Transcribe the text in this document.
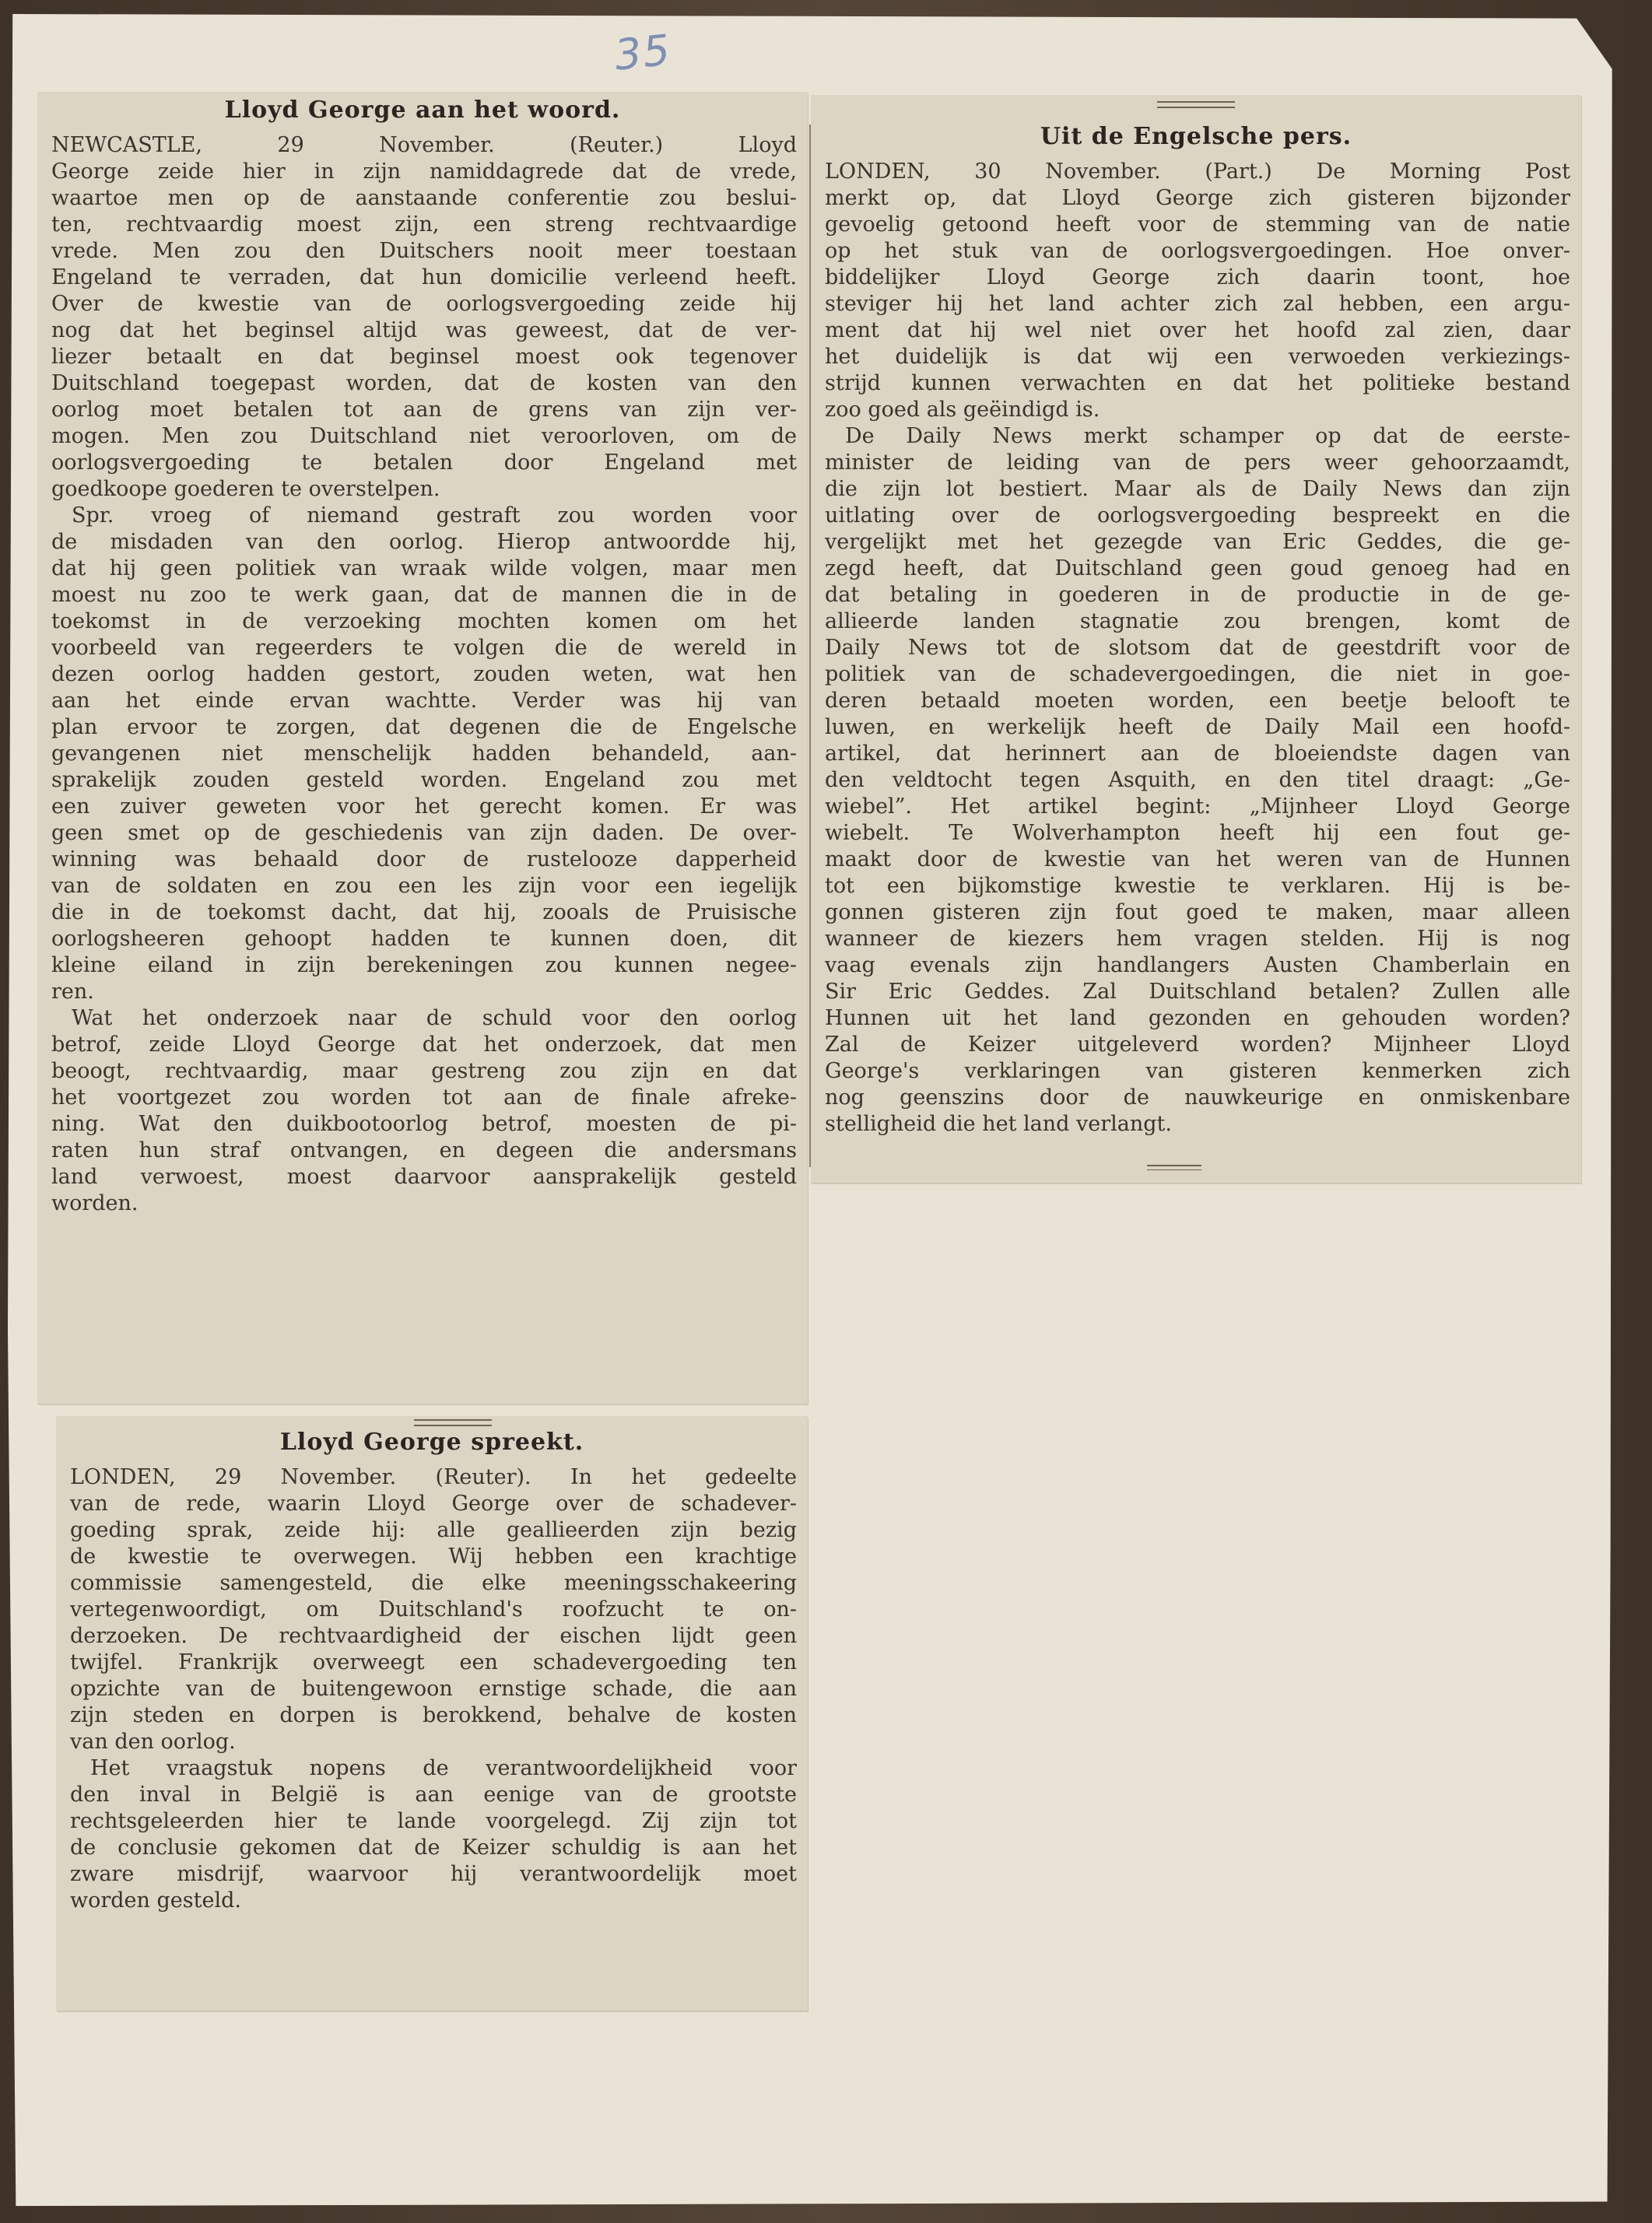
35
Lloyd George aan het woord.
NEWCASTLE, 29 November. (Reuter.) Lloyd
George zeide hier in zijn namiddagrede dat de vrede,
waartoe men op de aanstaande conferentie zou beslui-
ten, rechtvaardig moest zijn, een streng rechtvaardige
vrede. Men zou den Duitschers nooit meer toestaan
Engeland te verraden, dat hun domicilie verleend heeft.
Over de kwestie van de oorlogsvergoeding zeide hij
nog dat het beginsel altijd was geweest, dat de ver-
liezer betaalt en dat beginsel moest ook tegenover
Duitschland toegepast worden, dat de kosten van den
oorlog moet betalen tot aan de grens van zijn ver-
mogen. Men zou Duitschland niet veroorloven, om de
oorlogsvergoeding te betalen door Engeland met
goedkoope goederen te overstelpen.
Spr. vroeg of niemand gestraft zou worden voor
de misdaden van den oorlog. Hierop antwoordde hij,
dat hij geen politiek van wraak wilde volgen, maar men
moest nu zoo te werk gaan, dat de mannen die in de
toekomst in de verzoeking mochten komen om het
voorbeeld van regeerders te volgen die de wereld in
dezen oorlog hadden gestort, zouden weten, wat hen
aan het einde ervan wachtte. Verder was hij van
plan ervoor te zorgen, dat degenen die de Engelsche
gevangenen niet menschelijk hadden behandeld, aan-
sprakelijk zouden gesteld worden. Engeland zou met
een zuiver geweten voor het gerecht komen. Er was
geen smet op de geschiedenis van zijn daden. De over-
winning was behaald door de rustelooze dapperheid
van de soldaten en zou een les zijn voor een iegelijk
die in de toekomst dacht, dat hij, zooals de Pruisische
oorlogsheeren gehoopt hadden te kunnen doen, dit
kleine eiland in zijn berekeningen zou kunnen negee-
ren.
Wat het onderzoek naar de schuld voor den oorlog
betrof, zeide Lloyd George dat het onderzoek, dat men
beoogt, rechtvaardig, maar gestreng zou zijn en dat
het voortgezet zou worden tot aan de finale afreke-
ning. Wat den duikbootoorlog betrof, moesten de pi-
raten hun straf ontvangen, en degeen die andersmans
land verwoest, moest daarvoor aansprakelijk gesteld
worden.
Uit de Engelsche pers.
LONDEN, 30 November. (Part.) De Morning Post
merkt op, dat Lloyd George zich gisteren bijzonder
gevoelig getoond heeft voor de stemming van de natie
op het stuk van de oorlogsvergoedingen. Hoe onver-
biddelijker Lloyd George zich daarin toont, hoe
steviger hij het land achter zich zal hebben, een argu-
ment dat hij wel niet over het hoofd zal zien, daar
het duidelijk is dat wij een verwoeden verkiezings-
strijd kunnen verwachten en dat het politieke bestand
zoo goed als geëindigd is.
De Daily News merkt schamper op dat de eerste-
minister de leiding van de pers weer gehoorzaamdt,
die zijn lot bestiert. Maar als de Daily News dan zijn
uitlating over de oorlogsvergoeding bespreekt en die
vergelijkt met het gezegde van Eric Geddes, die ge-
zegd heeft, dat Duitschland geen goud genoeg had en
dat betaling in goederen in de productie in de ge-
allieerde landen stagnatie zou brengen, komt de
Daily News tot de slotsom dat de geestdrift voor de
politiek van de schadevergoedingen, die niet in goe-
deren betaald moeten worden, een beetje belooft te
luwen, en werkelijk heeft de Daily Mail een hoofd-
artikel, dat herinnert aan de bloeiendste dagen van
den veldtocht tegen Asquith, en den titel draagt: „Ge-
wiebel”. Het artikel begint: „Mijnheer Lloyd George
wiebelt. Te Wolverhampton heeft hij een fout ge-
maakt door de kwestie van het weren van de Hunnen
tot een bijkomstige kwestie te verklaren. Hij is be-
gonnen gisteren zijn fout goed te maken, maar alleen
wanneer de kiezers hem vragen stelden. Hij is nog
vaag evenals zijn handlangers Austen Chamberlain en
Sir Eric Geddes. Zal Duitschland betalen? Zullen alle
Hunnen uit het land gezonden en gehouden worden?
Zal de Keizer uitgeleverd worden? Mijnheer Lloyd
George's verklaringen van gisteren kenmerken zich
nog geenszins door de nauwkeurige en onmiskenbare
stelligheid die het land verlangt.
Lloyd George spreekt.
LONDEN, 29 November. (Reuter). In het gedeelte
van de rede, waarin Lloyd George over de schadever-
goeding sprak, zeide hij: alle geallieerden zijn bezig
de kwestie te overwegen. Wij hebben een krachtige
commissie samengesteld, die elke meeningsschakeering
vertegenwoordigt, om Duitschland's roofzucht te on-
derzoeken. De rechtvaardigheid der eischen lijdt geen
twijfel. Frankrijk overweegt een schadevergoeding ten
opzichte van de buitengewoon ernstige schade, die aan
zijn steden en dorpen is berokkend, behalve de kosten
van den oorlog.
Het vraagstuk nopens de verantwoordelijkheid voor
den inval in België is aan eenige van de grootste
rechtsgeleerden hier te lande voorgelegd. Zij zijn tot
de conclusie gekomen dat de Keizer schuldig is aan het
zware misdrijf, waarvoor hij verantwoordelijk moet
worden gesteld.
